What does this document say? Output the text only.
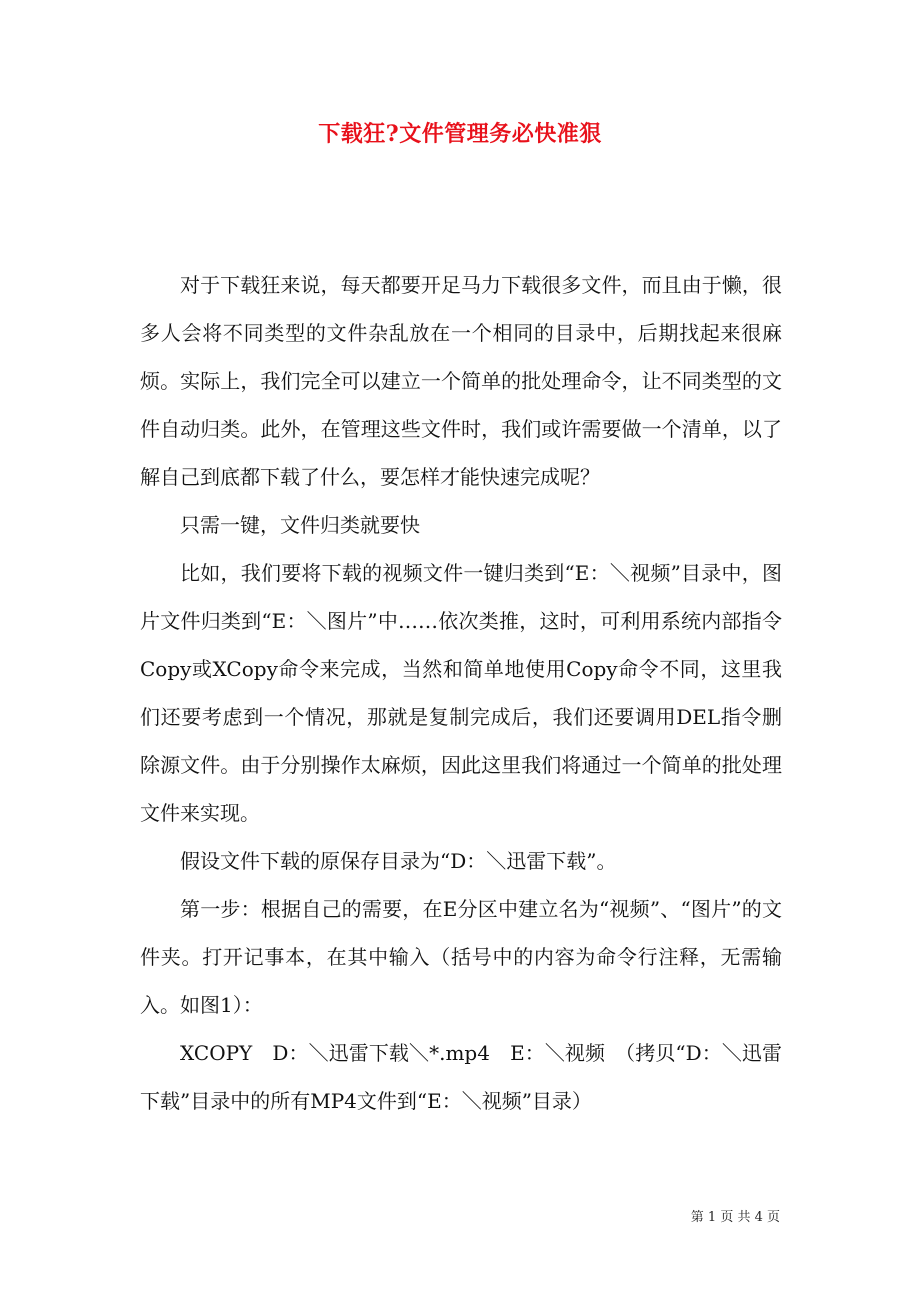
下载狂?文件管理务必快准狠

对于下载狂来说，每天都要开足马力下载很多文件，而且由于懒，很多人会将不同类型的文件杂乱放在一个相同的目录中，后期找起来很麻烦。实际上，我们完全可以建立一个简单的批处理命令，让不同类型的文件自动归类。此外，在管理这些文件时，我们或许需要做一个清单，以了解自己到底都下载了什么，要怎样才能快速完成呢？

只需一键，文件归类就要快

比如，我们要将下载的视频文件一键归类到“E：＼视频”目录中，图片文件归类到“E：＼图片”中……依次类推，这时，可利用系统内部指令Copy或XCopy命令来完成，当然和简单地使用Copy命令不同，这里我们还要考虑到一个情况，那就是复制完成后，我们还要调用DEL指令删除源文件。由于分别操作太麻烦，因此这里我们将通过一个简单的批处理文件来实现。

假设文件下载的原保存目录为“D：＼迅雷下载”。

第一步：根据自己的需要，在E分区中建立名为“视频”、“图片”的文件夹。打开记事本，在其中输入（括号中的内容为命令行注释，无需输入。如图1）：

XCOPY　D：＼迅雷下载＼*.mp4　E：＼视频　（拷贝“D：＼迅雷下载”目录中的所有MP4文件到“E：＼视频”目录）

第 1 页 共 4 页
